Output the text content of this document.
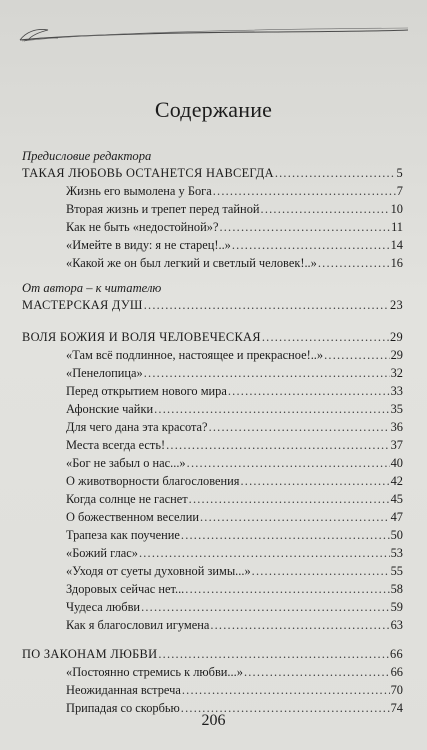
Содержание
Предисловие редактора
ТАКАЯ ЛЮБОВЬ ОСТАНЕТСЯ НАВСЕГДА .....	5
Жизнь его вымолена у Бога .....	7
Вторая жизнь и трепет перед тайной .....	10
Как не быть «недостойной»? .....	11
«Имейте в виду: я не старец!..» .....	14
«Какой же он был легкий и светлый человек!..» .....	16
От автора – к читателю
МАСТЕРСКАЯ ДУШ .....	23
ВОЛЯ БОЖИЯ И ВОЛЯ ЧЕЛОВЕЧЕСКАЯ .....	29
«Там всё подлинное, настоящее и прекрасное!..» .....	29
«Пенелопица» .....	32
Перед открытием нового мира .....	33
Афонские чайки .....	35
Для чего дана эта красота? .....	36
Места всегда есть! .....	37
«Бог не забыл о нас...» .....	40
О животворности благословения .....	42
Когда солнце не гаснет .....	45
О божественном веселии .....	47
Трапеза как поучение .....	50
«Божий глас» .....	53
«Уходя от суеты духовной зимы...» .....	55
Здоровых сейчас нет... .....	58
Чудеса любви .....	59
Как я благословил игумена .....	63
ПО ЗАКОНАМ ЛЮБВИ .....	66
«Постоянно стремись к любви...» .....	66
Неожиданная встреча .....	70
Припадая со скорбью .....	74
206
